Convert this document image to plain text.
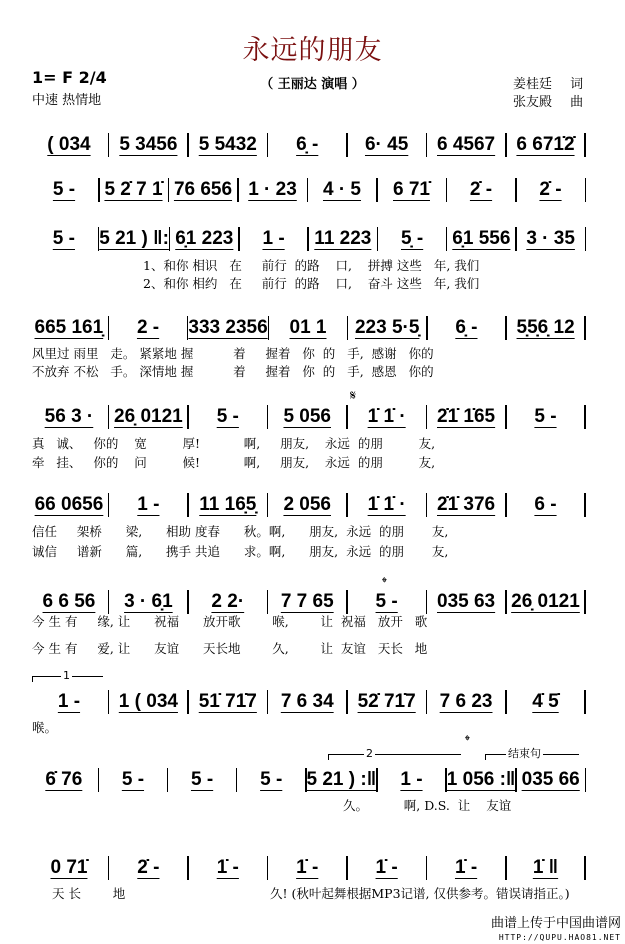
永远的朋友
1= F 2/4
中速 热情地
（ 王丽达 演唱 ）	姜桂廷 词
张友殿 曲
𝄋
𝄌
𝄌
1
2	结束句
( 034	5 3456	5 5432	6̣ -	6· 45	6 4567	6 671̇2̇
5 -	5 2̇ 7 1̇ 76 656 1 · 23	4 · 5	6 71̇	2̇ -	2̇ -
5 -	5 21 ) ‖: 6̣1 223	1 -	11 223	5̣ -	6̣1 556 3 · 35
665 161̣	2 -	333 2356	01 1	223 5·5̣	6̣ -	5̣5̣6̣ 12
56 3 ·	26̣ 0121	5 -	5 056	1̇ 1̇ ·	2̇1̇ 1̇65	5 -
66 0656	1 -	11 16̣5̣	2 056	1̇ 1̇ ·	2̇1̇ 376	6 -
6 6 56	3 · 6̣1	2 2·	7 7 65	5 -	035 63 26̣ 0121
1 -	1 ( 034	51̇ 71̇7	7 6 34	52̇ 71̇7	7 6 23	4̇ 5̇
6̇ 76	5 -	5 -	5 -	5 21 ) :‖	1 -	1 056 :‖ 035 66
0 71̇	2̇ -	1̇ -	1̇ -	1̇ -	1̇ -	1̇ ‖
1、和你 相识   在     前行  的路    口,    拼搏 这些   年, 我们
2、和你 相约   在     前行  的路    口,    奋斗 这些   年, 我们
风里过 雨里   走。 紧紧地 握          着     握着   你  的   手,  感谢   你的
不放弃 不松   手。 深情地 握          着     握着   你  的   手,  感恩   你的
真   诚、   你的    宽         厚!           啊,     朋友,    永远  的朋         友,
牵   挂、   你的    问         候!           啊,     朋友,    永远  的朋         友,
信任     架桥      梁,      相助 度春      秋。啊,      朋友,  永远  的朋       友,
诚信     谱新      篇,      携手 共追      求。啊,      朋友,  永远  的朋       友,
今 生 有     缘, 让      祝福      放开歌        喉,        让  祝福   放开   歌
今 生 有     爱, 让      友谊      天长地        久,        让  友谊   天长   地
喉。
久。         啊, D.S.  让    友谊
天 长        地	久! (秋叶起舞根据MP3记谱, 仅供参考。错误请指正。)
曲谱上传于中国曲谱网
HTTP://QUPU.HAO81.NET
